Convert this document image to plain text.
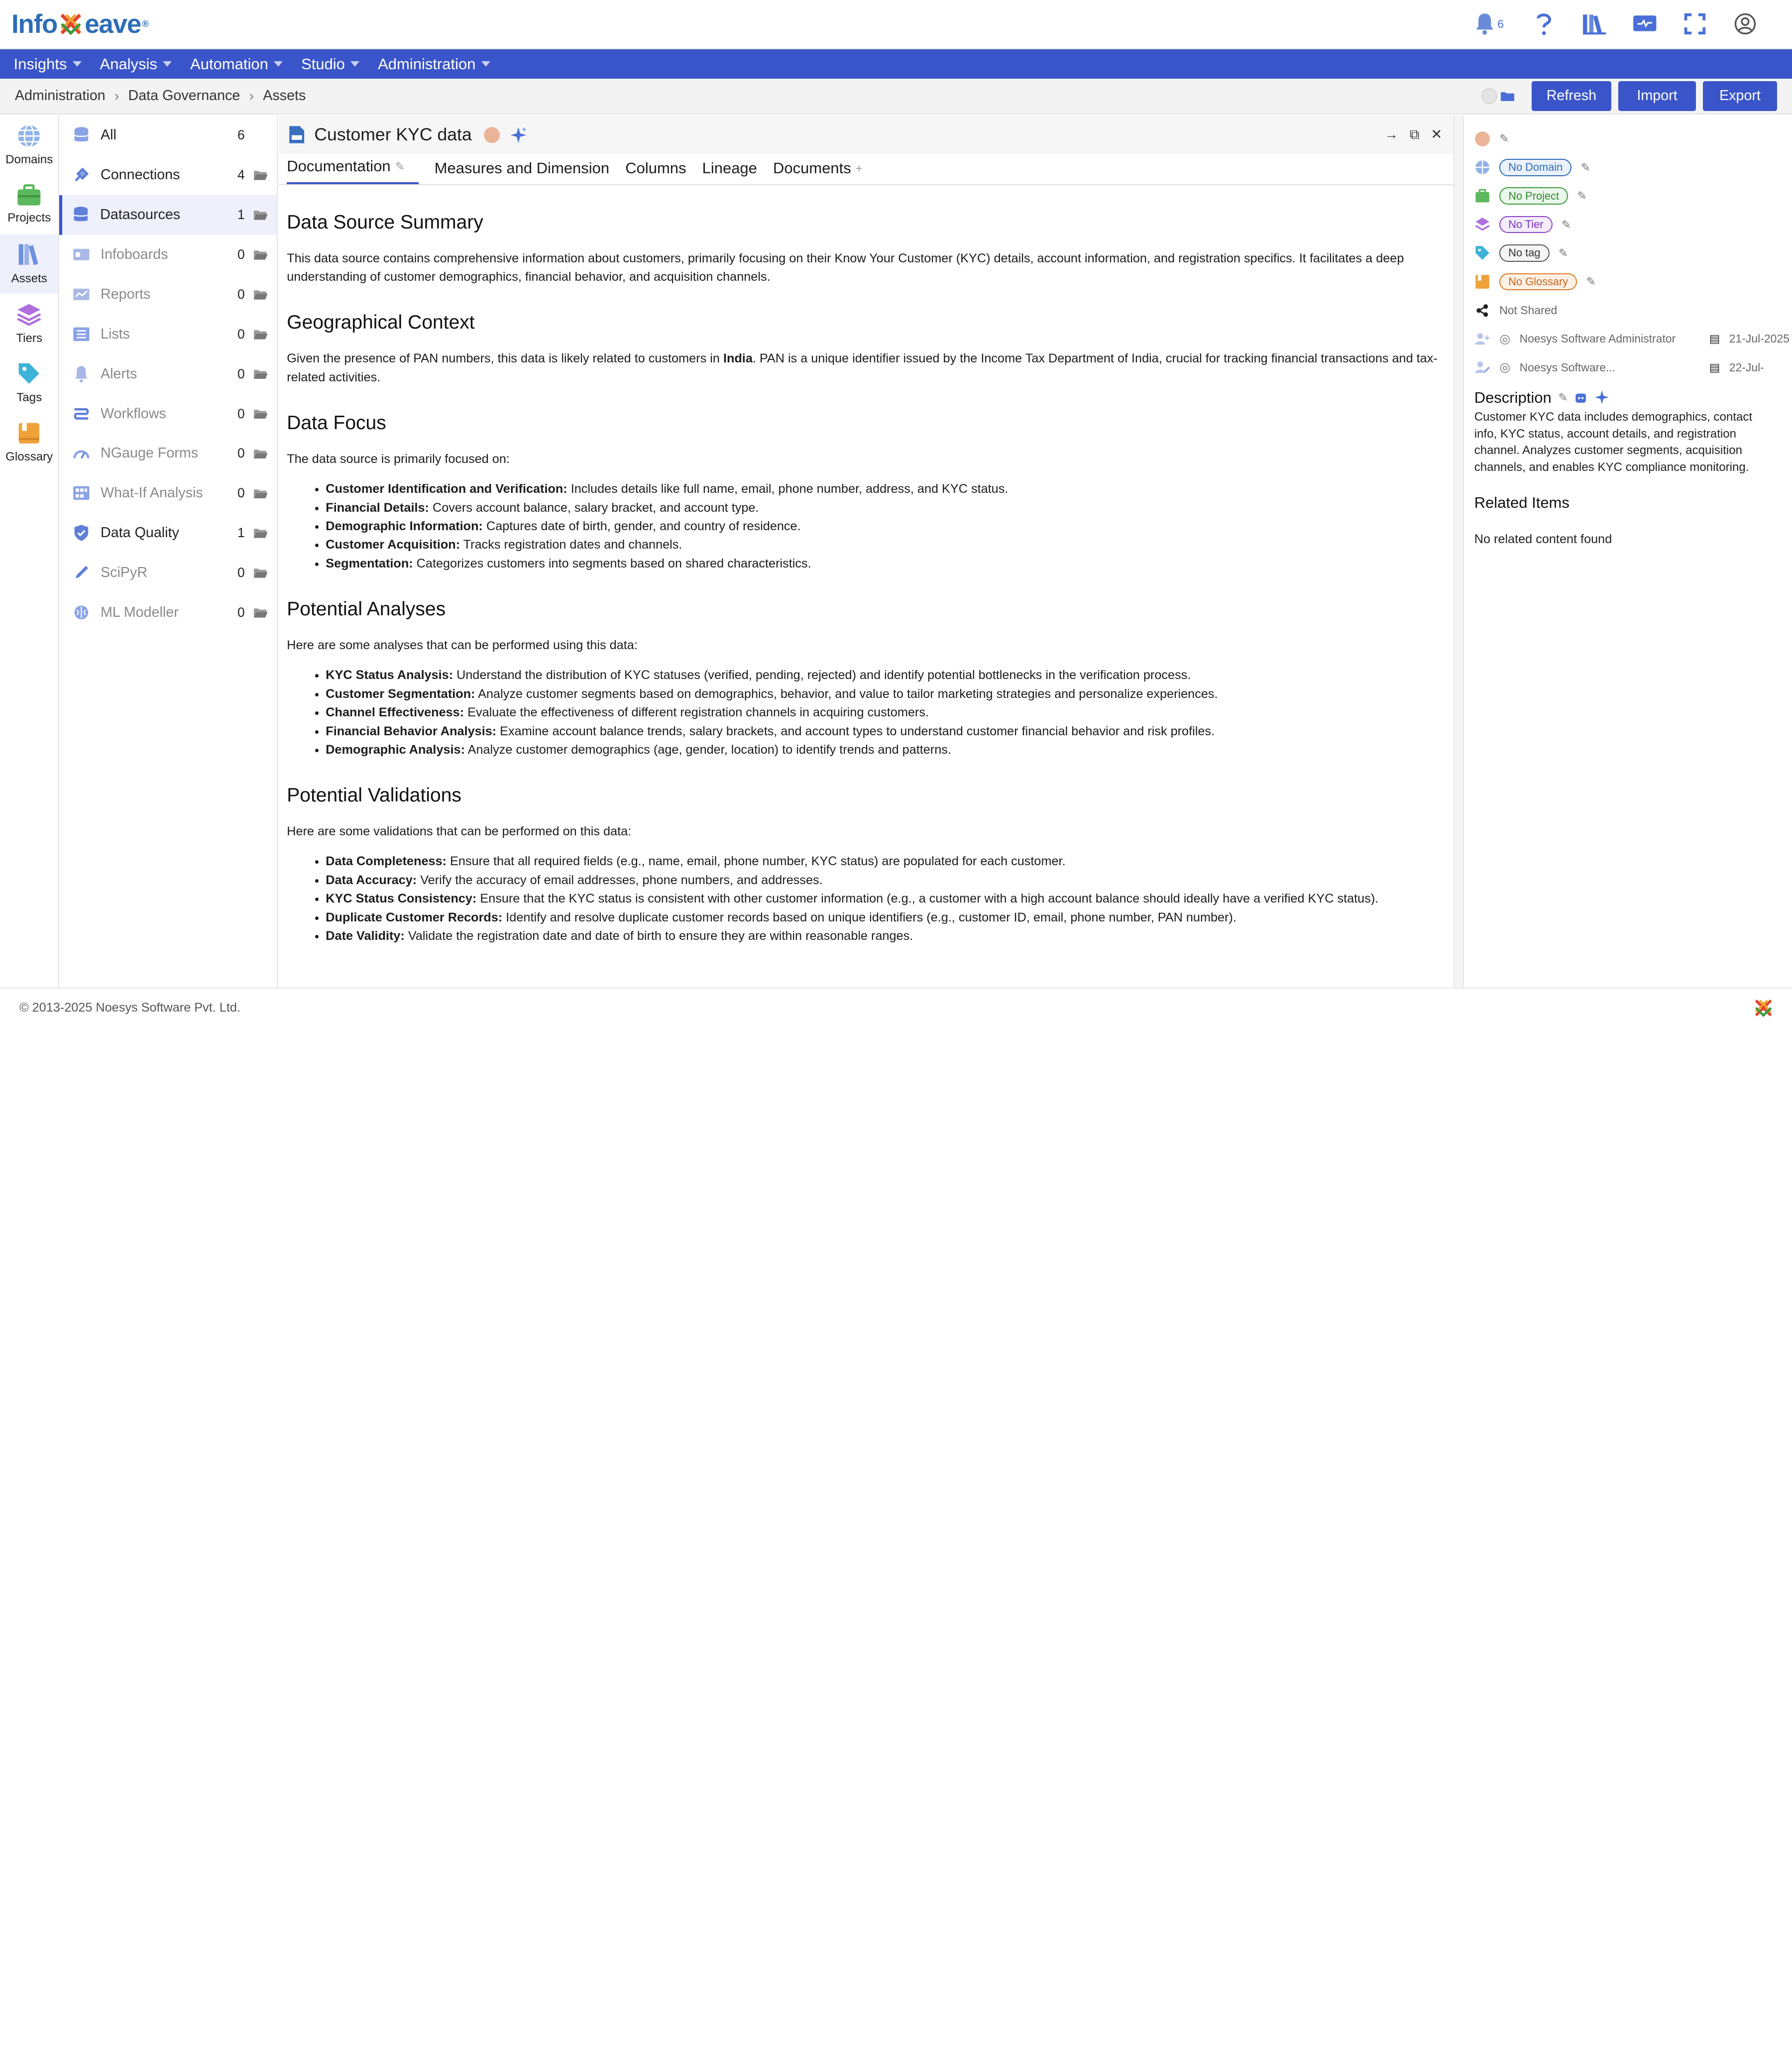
Info eave ®	6
Insights	Analysis	Automation	Studio	Administration
Administration › Data Governance › Assets	Refresh	Import	Export
Domains
Projects
Assets
Tiers
Tags
Glossary
All	6
Connections	4
Datasources	1
Infoboards	0
Reports	0
Lists	0
Alerts	0
Workflows	0
NGauge Forms	0
What-If Analysis	0
Data Quality	1
SciPyR	0
ML Modeller	0
Customer KYC data	→ ⧉ ✕
Documentation ✎	Measures and Dimension Columns Lineage Documents +
Data Source Summary

This data source contains comprehensive information about customers, primarily focusing on their Know Your Customer (KYC) details, account information, and registration specifics. It facilitates a deep understanding of customer demographics, financial behavior, and acquisition channels.

Geographical Context

Given the presence of PAN numbers, this data is likely related to customers in India. PAN is a unique identifier issued by the Income Tax Department of India, crucial for tracking financial transactions and tax-related activities.

Data Focus

The data source is primarily focused on:

• Customer Identification and Verification: Includes details like full name, email, phone number, address, and KYC status.
• Financial Details: Covers account balance, salary bracket, and account type.
• Demographic Information: Captures date of birth, gender, and country of residence.
• Customer Acquisition: Tracks registration dates and channels.
• Segmentation: Categorizes customers into segments based on shared characteristics.
Potential Analyses

Here are some analyses that can be performed using this data:

• KYC Status Analysis: Understand the distribution of KYC statuses (verified, pending, rejected) and identify potential bottlenecks in the verification process.
• Customer Segmentation: Analyze customer segments based on demographics, behavior, and value to tailor marketing strategies and personalize experiences.
• Channel Effectiveness: Evaluate the effectiveness of different registration channels in acquiring customers.
• Financial Behavior Analysis: Examine account balance trends, salary brackets, and account types to understand customer financial behavior and risk profiles.
• Demographic Analysis: Analyze customer demographics (age, gender, location) to identify trends and patterns.
Potential Validations

Here are some validations that can be performed on this data:

• Data Completeness: Ensure that all required fields (e.g., name, email, phone number, KYC status) are populated for each customer.
• Data Accuracy: Verify the accuracy of email addresses, phone numbers, and addresses.
• KYC Status Consistency: Ensure that the KYC status is consistent with other customer information (e.g., a customer with a high account balance should ideally have a verified KYC status).
• Duplicate Customer Records: Identify and resolve duplicate customer records based on unique identifiers (e.g., customer ID, email, phone number, PAN number).
• Date Validity: Validate the registration date and date of birth to ensure they are within reasonable ranges.
✎
No Domain	✎
No Project	✎
No Tier	✎
No tag	✎
No Glossary	✎
Not Shared
◎ Noesys Software Administrator	▤ 21-Jul-2025
◎ Noesys Software...	▤ 22-Jul-
Description ✎

Customer KYC data includes demographics, contact info, KYC status, account details, and registration channel. Analyzes customer segments, acquisition channels, and enables KYC compliance monitoring.

Related Items

No related content found

© 2013-2025 Noesys Software Pvt. Ltd.
